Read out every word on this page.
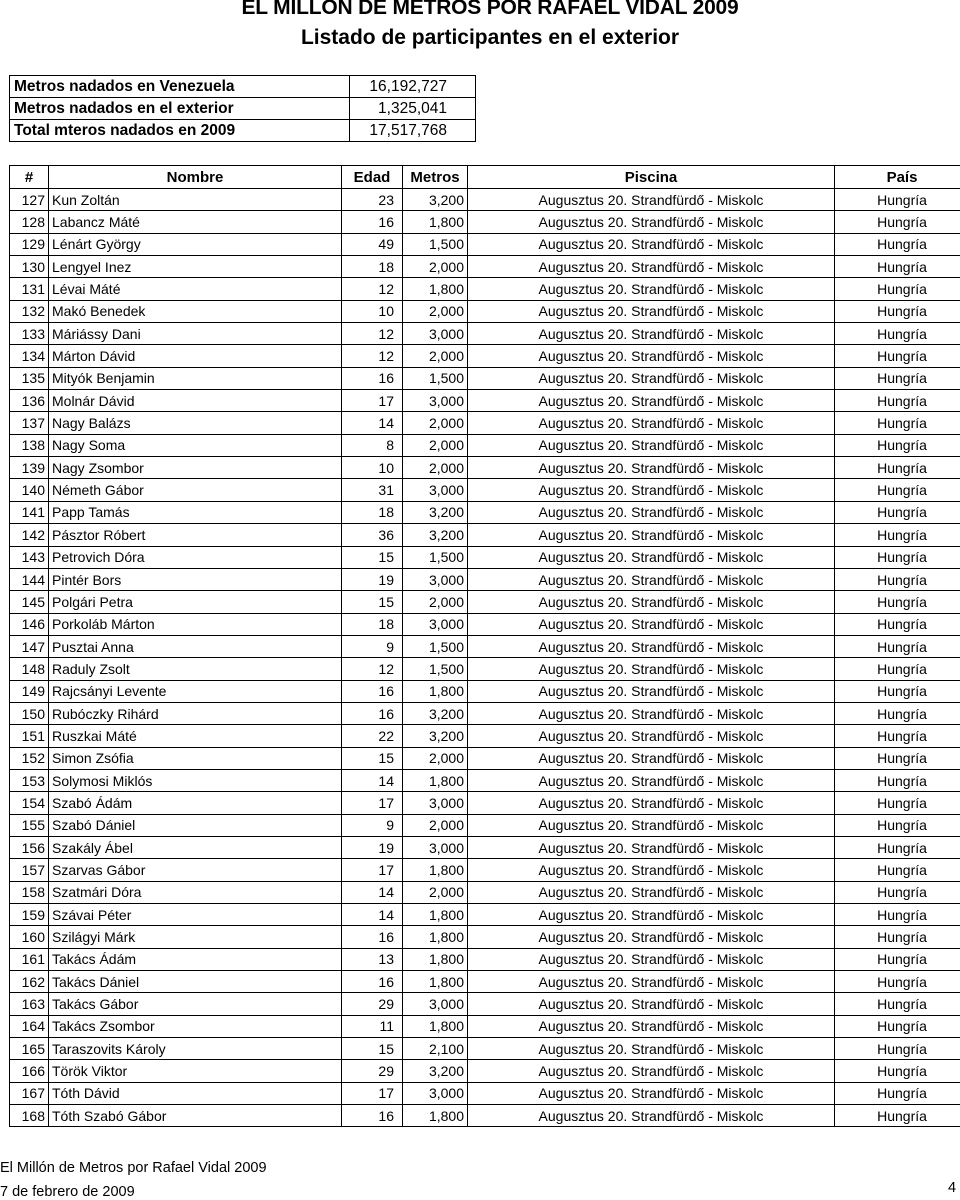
EL MILLON DE METROS POR RAFAEL VIDAL 2009
Listado de participantes en el exterior
Metros nadados en Venezuela	16,192,727
Metros nadados en el exterior	1,325,041
Total mteros nadados en 2009	17,517,768
#	Nombre	Edad	Metros	Piscina	País
127	Kun Zoltán	23	3,200	Augusztus 20. Strandfürdő - Miskolc	Hungría
128	Labancz Máté	16	1,800	Augusztus 20. Strandfürdő - Miskolc	Hungría
129	Lénárt György	49	1,500	Augusztus 20. Strandfürdő - Miskolc	Hungría
130	Lengyel Inez	18	2,000	Augusztus 20. Strandfürdő - Miskolc	Hungría
131	Lévai Máté	12	1,800	Augusztus 20. Strandfürdő - Miskolc	Hungría
132	Makó Benedek	10	2,000	Augusztus 20. Strandfürdő - Miskolc	Hungría
133	Máriássy Dani	12	3,000	Augusztus 20. Strandfürdő - Miskolc	Hungría
134	Márton Dávid	12	2,000	Augusztus 20. Strandfürdő - Miskolc	Hungría
135	Mityók Benjamin	16	1,500	Augusztus 20. Strandfürdő - Miskolc	Hungría
136	Molnár Dávid	17	3,000	Augusztus 20. Strandfürdő - Miskolc	Hungría
137	Nagy Balázs	14	2,000	Augusztus 20. Strandfürdő - Miskolc	Hungría
138	Nagy Soma	8	2,000	Augusztus 20. Strandfürdő - Miskolc	Hungría
139	Nagy Zsombor	10	2,000	Augusztus 20. Strandfürdő - Miskolc	Hungría
140	Németh Gábor	31	3,000	Augusztus 20. Strandfürdő - Miskolc	Hungría
141	Papp Tamás	18	3,200	Augusztus 20. Strandfürdő - Miskolc	Hungría
142	Pásztor Róbert	36	3,200	Augusztus 20. Strandfürdő - Miskolc	Hungría
143	Petrovich Dóra	15	1,500	Augusztus 20. Strandfürdő - Miskolc	Hungría
144	Pintér Bors	19	3,000	Augusztus 20. Strandfürdő - Miskolc	Hungría
145	Polgári Petra	15	2,000	Augusztus 20. Strandfürdő - Miskolc	Hungría
146	Porkoláb Márton	18	3,000	Augusztus 20. Strandfürdő - Miskolc	Hungría
147	Pusztai Anna	9	1,500	Augusztus 20. Strandfürdő - Miskolc	Hungría
148	Raduly Zsolt	12	1,500	Augusztus 20. Strandfürdő - Miskolc	Hungría
149	Rajcsányi Levente	16	1,800	Augusztus 20. Strandfürdő - Miskolc	Hungría
150	Rubóczky Rihárd	16	3,200	Augusztus 20. Strandfürdő - Miskolc	Hungría
151	Ruszkai Máté	22	3,200	Augusztus 20. Strandfürdő - Miskolc	Hungría
152	Simon Zsófia	15	2,000	Augusztus 20. Strandfürdő - Miskolc	Hungría
153	Solymosi Miklós	14	1,800	Augusztus 20. Strandfürdő - Miskolc	Hungría
154	Szabó Ádám	17	3,000	Augusztus 20. Strandfürdő - Miskolc	Hungría
155	Szabó Dániel	9	2,000	Augusztus 20. Strandfürdő - Miskolc	Hungría
156	Szakály Ábel	19	3,000	Augusztus 20. Strandfürdő - Miskolc	Hungría
157	Szarvas Gábor	17	1,800	Augusztus 20. Strandfürdő - Miskolc	Hungría
158	Szatmári Dóra	14	2,000	Augusztus 20. Strandfürdő - Miskolc	Hungría
159	Szávai Péter	14	1,800	Augusztus 20. Strandfürdő - Miskolc	Hungría
160	Szilágyi Márk	16	1,800	Augusztus 20. Strandfürdő - Miskolc	Hungría
161	Takács Ádám	13	1,800	Augusztus 20. Strandfürdő - Miskolc	Hungría
162	Takács Dániel	16	1,800	Augusztus 20. Strandfürdő - Miskolc	Hungría
163	Takács Gábor	29	3,000	Augusztus 20. Strandfürdő - Miskolc	Hungría
164	Takács Zsombor	11	1,800	Augusztus 20. Strandfürdő - Miskolc	Hungría
165	Taraszovits Károly	15	2,100	Augusztus 20. Strandfürdő - Miskolc	Hungría
166	Török Viktor	29	3,200	Augusztus 20. Strandfürdő - Miskolc	Hungría
167	Tóth Dávid	17	3,000	Augusztus 20. Strandfürdő - Miskolc	Hungría
168	Tóth Szabó Gábor	16	1,800	Augusztus 20. Strandfürdő - Miskolc	Hungría
El Millón de Metros por Rafael Vidal 2009
7 de febrero de 2009	4
